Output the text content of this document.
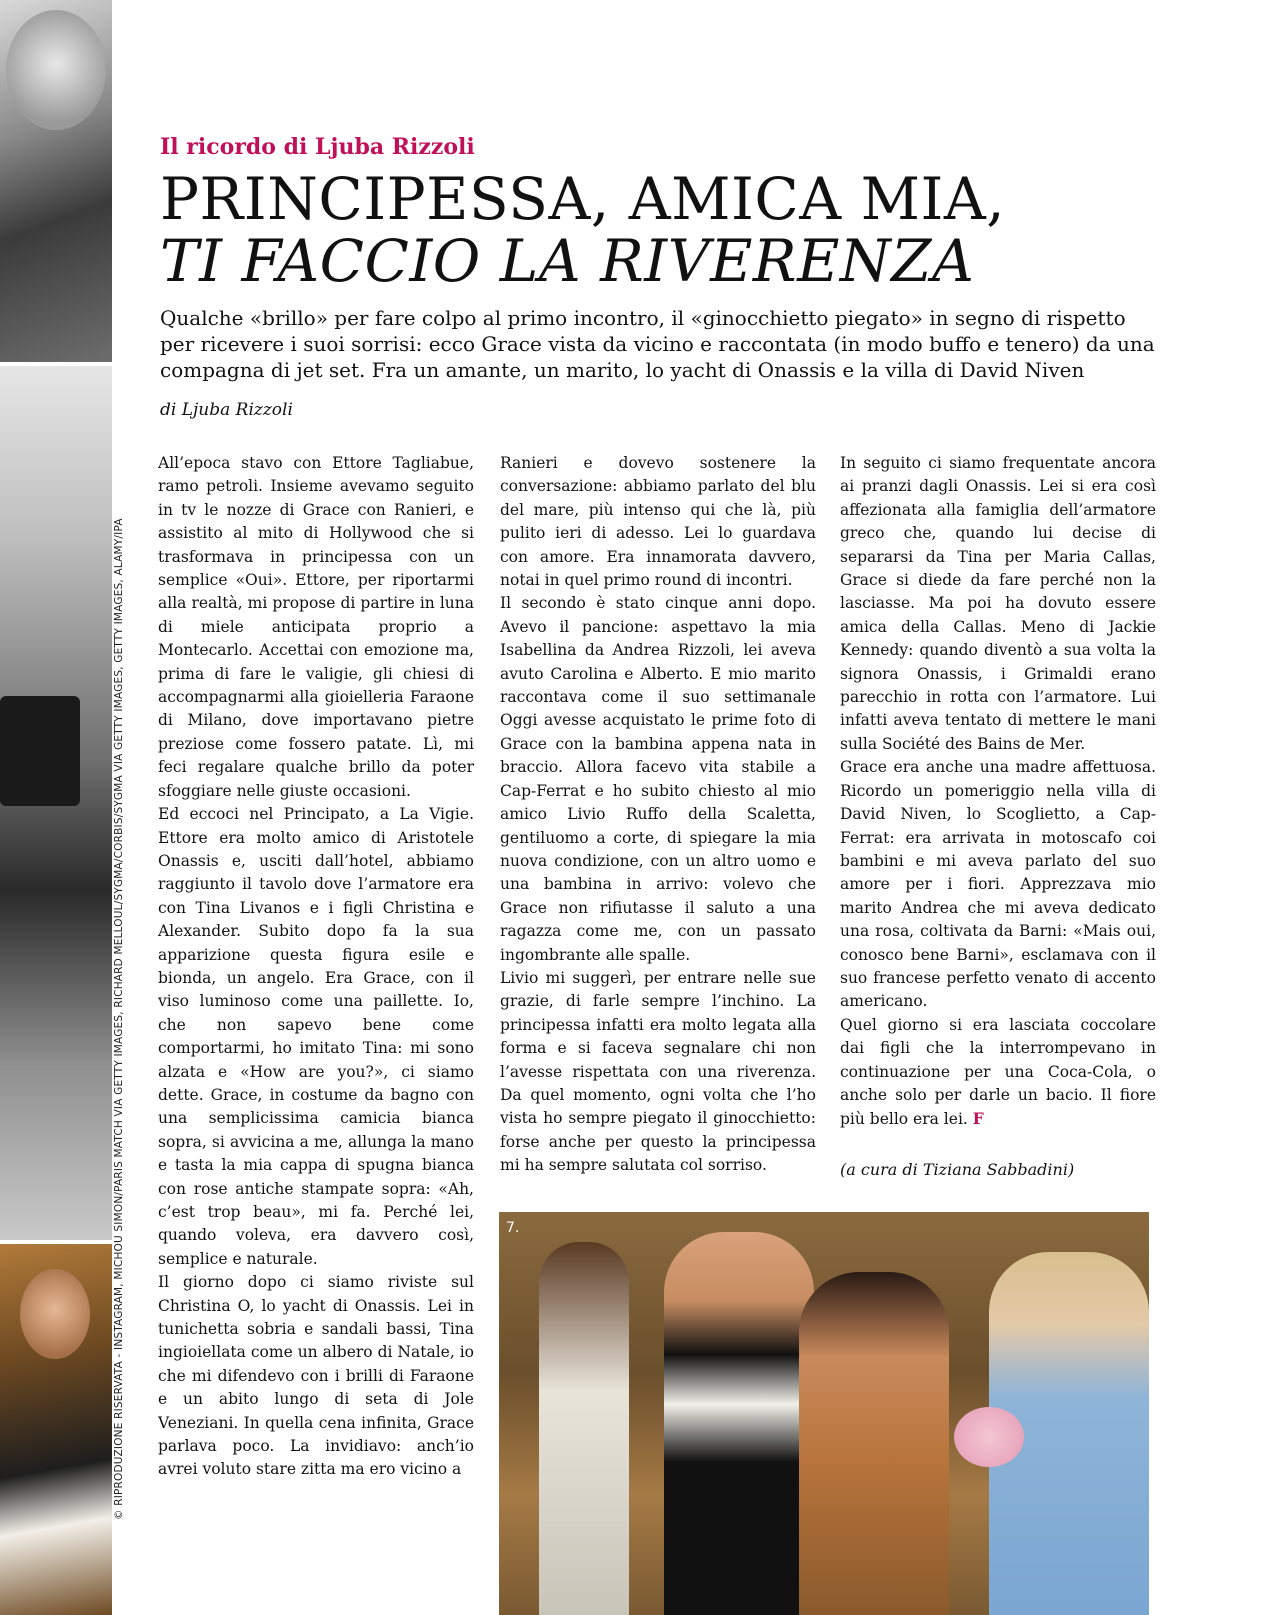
© RIPRODUZIONE RISERVATA - INSTAGRAM, MICHOU SIMON/PARIS MATCH VIA GETTY IMAGES, RICHARD MELLOUL/SYGMA/CORBIS/SYGMA VIA GETTY IMAGES, GETTY IMAGES, ALAMY/IPA
Il ricordo di Ljuba Rizzoli
PRINCIPESSA, AMICA MIA,
TI FACCIO LA RIVERENZA
Qualche «brillo» per fare colpo al primo incontro, il «ginocchietto piegato» in segno di rispetto per ricevere i suoi sorrisi: ecco Grace vista da vicino e raccontata (in modo buffo e tenero) da una compagna di jet set. Fra un amante, un marito, lo yacht di Onassis e la villa di David Niven
di Ljuba Rizzoli

All’epoca stavo con Ettore Tagliabue, ramo petroli. Insieme avevamo seguito in tv le nozze di Grace con Ranieri, e assistito al mito di Hollywood che si trasformava in principessa con un semplice «Oui». Ettore, per riportarmi alla realtà, mi propose di partire in luna di miele anticipata proprio a Montecarlo. Accettai con emozione ma, prima di fare le valigie, gli chiesi di accompagnarmi alla gioielleria Faraone di Milano, dove importavano pietre preziose come fossero patate. Lì, mi feci regalare qualche brillo da poter sfoggiare nelle giuste occasioni.

Ed eccoci nel Principato, a La Vigie. Ettore era molto amico di Aristotele Onassis e, usciti dall’hotel, abbiamo raggiunto il tavolo dove l’armatore era con Tina Livanos e i figli Christina e Alexander. Subito dopo fa la sua apparizione questa figura esile e bionda, un angelo. Era Grace, con il viso luminoso come una paillette. Io, che non sapevo bene come comportarmi, ho imitato Tina: mi sono alzata e «How are you?», ci siamo dette. Grace, in costume da bagno con una semplicissima camicia bianca sopra, si avvicina a me, allunga la mano e tasta la mia cappa di spugna bianca con rose antiche stampate sopra: «Ah, c’est trop beau», mi fa. Perché lei, quando voleva, era davvero così, semplice e naturale.

Il giorno dopo ci siamo riviste sul Christina O, lo yacht di Onassis. Lei in tunichetta sobria e sandali bassi, Tina ingioiellata come un albero di Natale, io che mi difendevo con i brilli di Faraone e un abito lungo di seta di Jole Veneziani. In quella cena infinita, Grace parlava poco. La invidiavo: anch’io avrei voluto stare zitta ma ero vicino a

Ranieri e dovevo sostenere la conversazione: abbiamo parlato del blu del mare, più intenso qui che là, più pulito ieri di adesso. Lei lo guardava con amore. Era innamorata davvero, notai in quel primo round di incontri.

Il secondo è stato cinque anni dopo. Avevo il pancione: aspettavo la mia Isabellina da Andrea Rizzoli, lei aveva avuto Carolina e Alberto. E mio marito raccontava come il suo settimanale Oggi avesse acquistato le prime foto di Grace con la bambina appena nata in braccio. Allora facevo vita stabile a Cap-Ferrat e ho subito chiesto al mio amico Livio Ruffo della Scaletta, gentiluomo a corte, di spiegare la mia nuova condizione, con un altro uomo e una bambina in arrivo: volevo che Grace non rifiutasse il saluto a una ragazza come me, con un passato ingombrante alle spalle.

Livio mi suggerì, per entrare nelle sue grazie, di farle sempre l’inchino. La principessa infatti era molto legata alla forma e si faceva segnalare chi non l’avesse rispettata con una riverenza. Da quel momento, ogni volta che l’ho vista ho sempre piegato il ginocchietto: forse anche per questo la principessa mi ha sempre salutata col sorriso.

In seguito ci siamo frequentate ancora ai pranzi dagli Onassis. Lei si era così affezionata alla famiglia dell’armatore greco che, quando lui decise di separarsi da Tina per Maria Callas, Grace si diede da fare perché non la lasciasse. Ma poi ha dovuto essere amica della Callas. Meno di Jackie Kennedy: quando diventò a sua volta la signora Onassis, i Grimaldi erano parecchio in rotta con l’armatore. Lui infatti aveva tentato di mettere le mani sulla Société des Bains de Mer.

Grace era anche una madre affettuosa. Ricordo un pomeriggio nella villa di David Niven, lo Scoglietto, a Cap-Ferrat: era arrivata in motoscafo coi bambini e mi aveva parlato del suo amore per i fiori. Apprezzava mio marito Andrea che mi aveva dedicato una rosa, coltivata da Barni: «Mais oui, conosco bene Barni», esclamava con il suo francese perfetto venato di accento americano.

Quel giorno si era lasciata coccolare dai figli che la interrompevano in continuazione per una Coca-Cola, o anche solo per darle un bacio. Il fiore più bello era lei. F

(a cura di Tiziana Sabbadini)
7.
